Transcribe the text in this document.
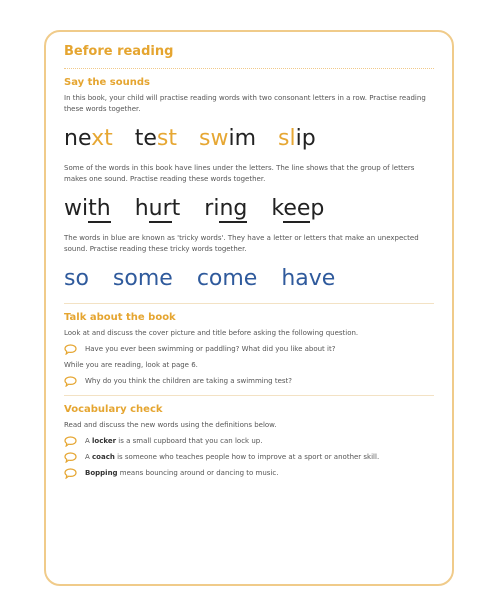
Before reading
Say the sounds
In this book, your child will practise reading words with two consonant letters in a row. Practise reading these words together.
next test swim slip
Some of the words in this book have lines under the letters. The line shows that the group of letters makes one sound. Practise reading these words together.
with hurt ring keep
The words in blue are known as 'tricky words'. They have a letter or letters that make an unexpected sound. Practise reading these tricky words together.
so some come have
Talk about the book
Look at and discuss the cover picture and title before asking the following question.
Have you ever been swimming or paddling? What did you like about it?
While you are reading, look at page 6.
Why do you think the children are taking a swimming test?
Vocabulary check
Read and discuss the new words using the definitions below.
A locker is a small cupboard that you can lock up.
A coach is someone who teaches people how to improve at a sport or another skill.
Bopping means bouncing around or dancing to music.
